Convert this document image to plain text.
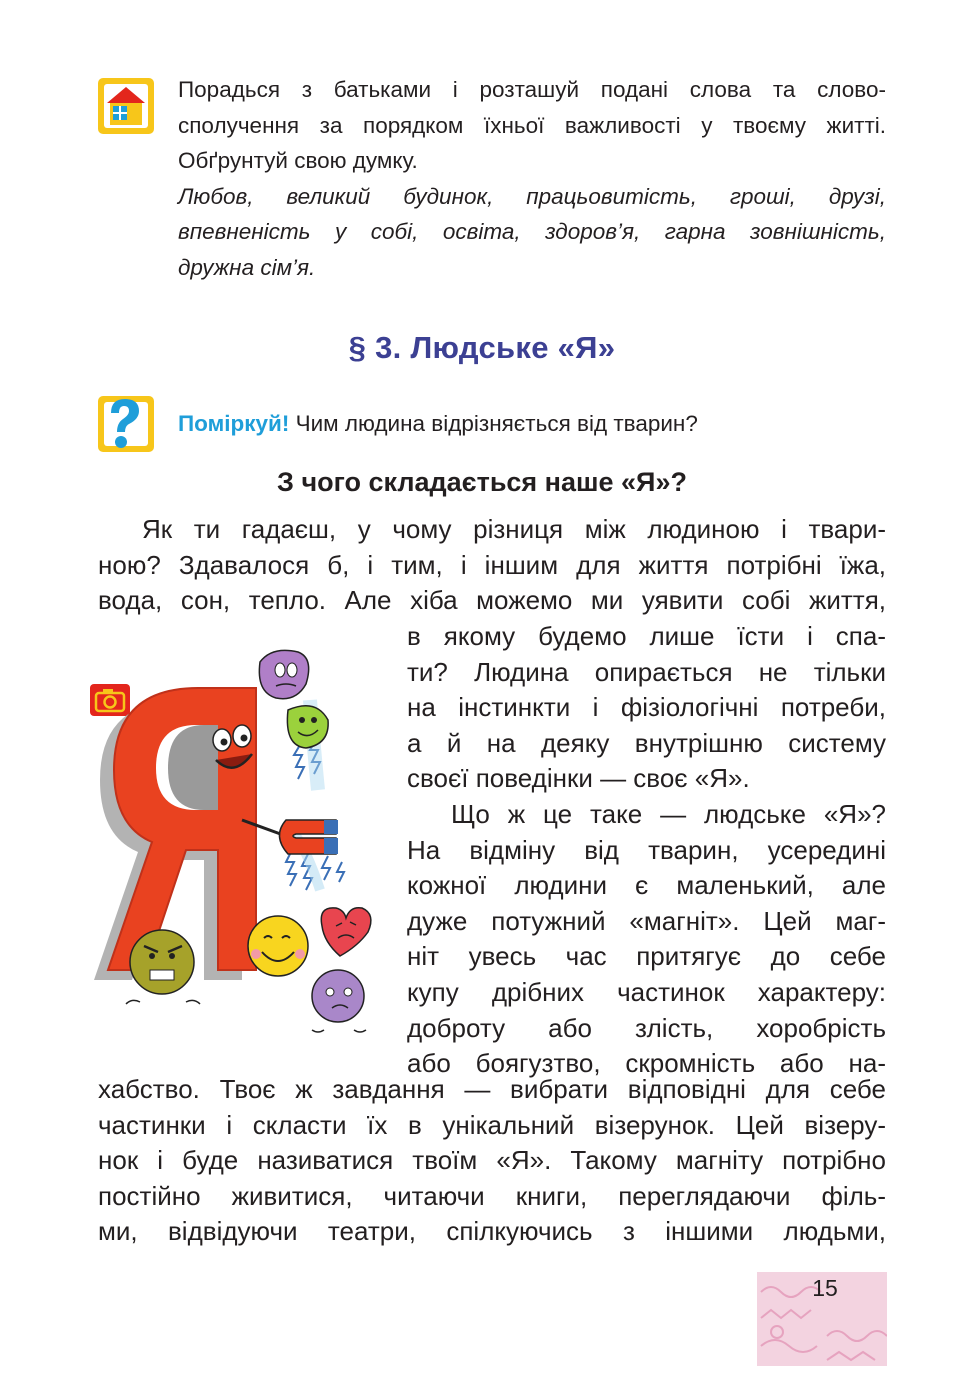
Порадься з батьками і розташуй подані слова та слово-
сполучення за порядком їхньої важливості у твоєму житті.
Обґрунтуй свою думку.

Любов, великий будинок, працьовитість, гроші, друзі,
впевненість у собі, освіта, здоров’я, гарна зовнішність,
дружна сім’я.

§ 3. Людське «Я»
Поміркуй! Чим людина відрізняється від тварин?
З чого складається наше «Я»?
Як ти гадаєш, у чому різниця між людиною і твари-
ною? Здавалося б, і тим, і іншим для життя потрібні їжа,
вода, сон, тепло. Але хіба можемо ми уявити собі життя,
в якому будемо лише їсти і спа-
ти? Людина опирається не тільки
на інстинкти і фізіологічні потреби,
а й на деяку внутрішню систему
своєї поведінки — своє «Я».
Що ж це таке — людське «Я»?
На відміну від тварин, усередині
кожної людини є маленький, але
дуже потужний «магніт». Цей маг-
ніт увесь час притягує до себе
купу дрібних частинок характеру:
доброту або злість, хоробрість
або боягузтво, скромність або на-
хабство. Твоє ж завдання — вибрати відповідні для себе
частинки і скласти їх в унікальний візерунок. Цей візеру-
нок і буде називатися твоїм «Я». Такому магніту потрібно
постійно живитися, читаючи книги, переглядаючи філь-
ми, відвідуючи театри, спілкуючись з іншими людьми,
15
